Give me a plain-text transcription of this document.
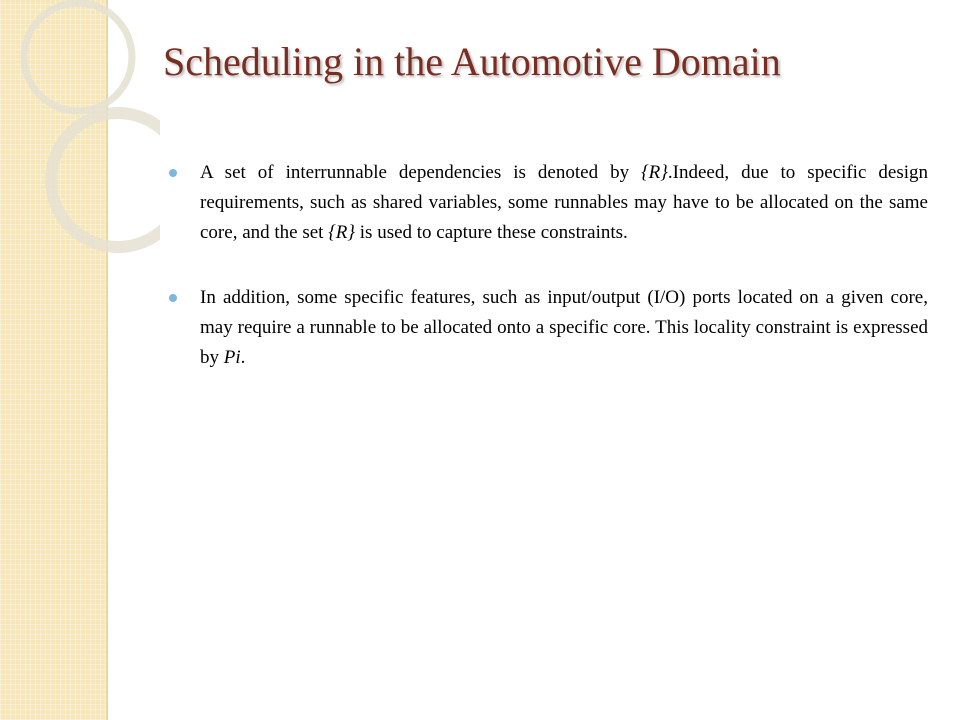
Scheduling in the Automotive Domain
A set of interrunnable dependencies is denoted by {R}.Indeed, due to specific design requirements, such as shared variables, some runnables may have to be allocated on the same core, and the set {R} is used to capture these constraints.
In addition, some specific features, such as input/output (I/O) ports located on a given core, may require a runnable to be allocated onto a specific core. This locality constraint is expressed by Pi.
